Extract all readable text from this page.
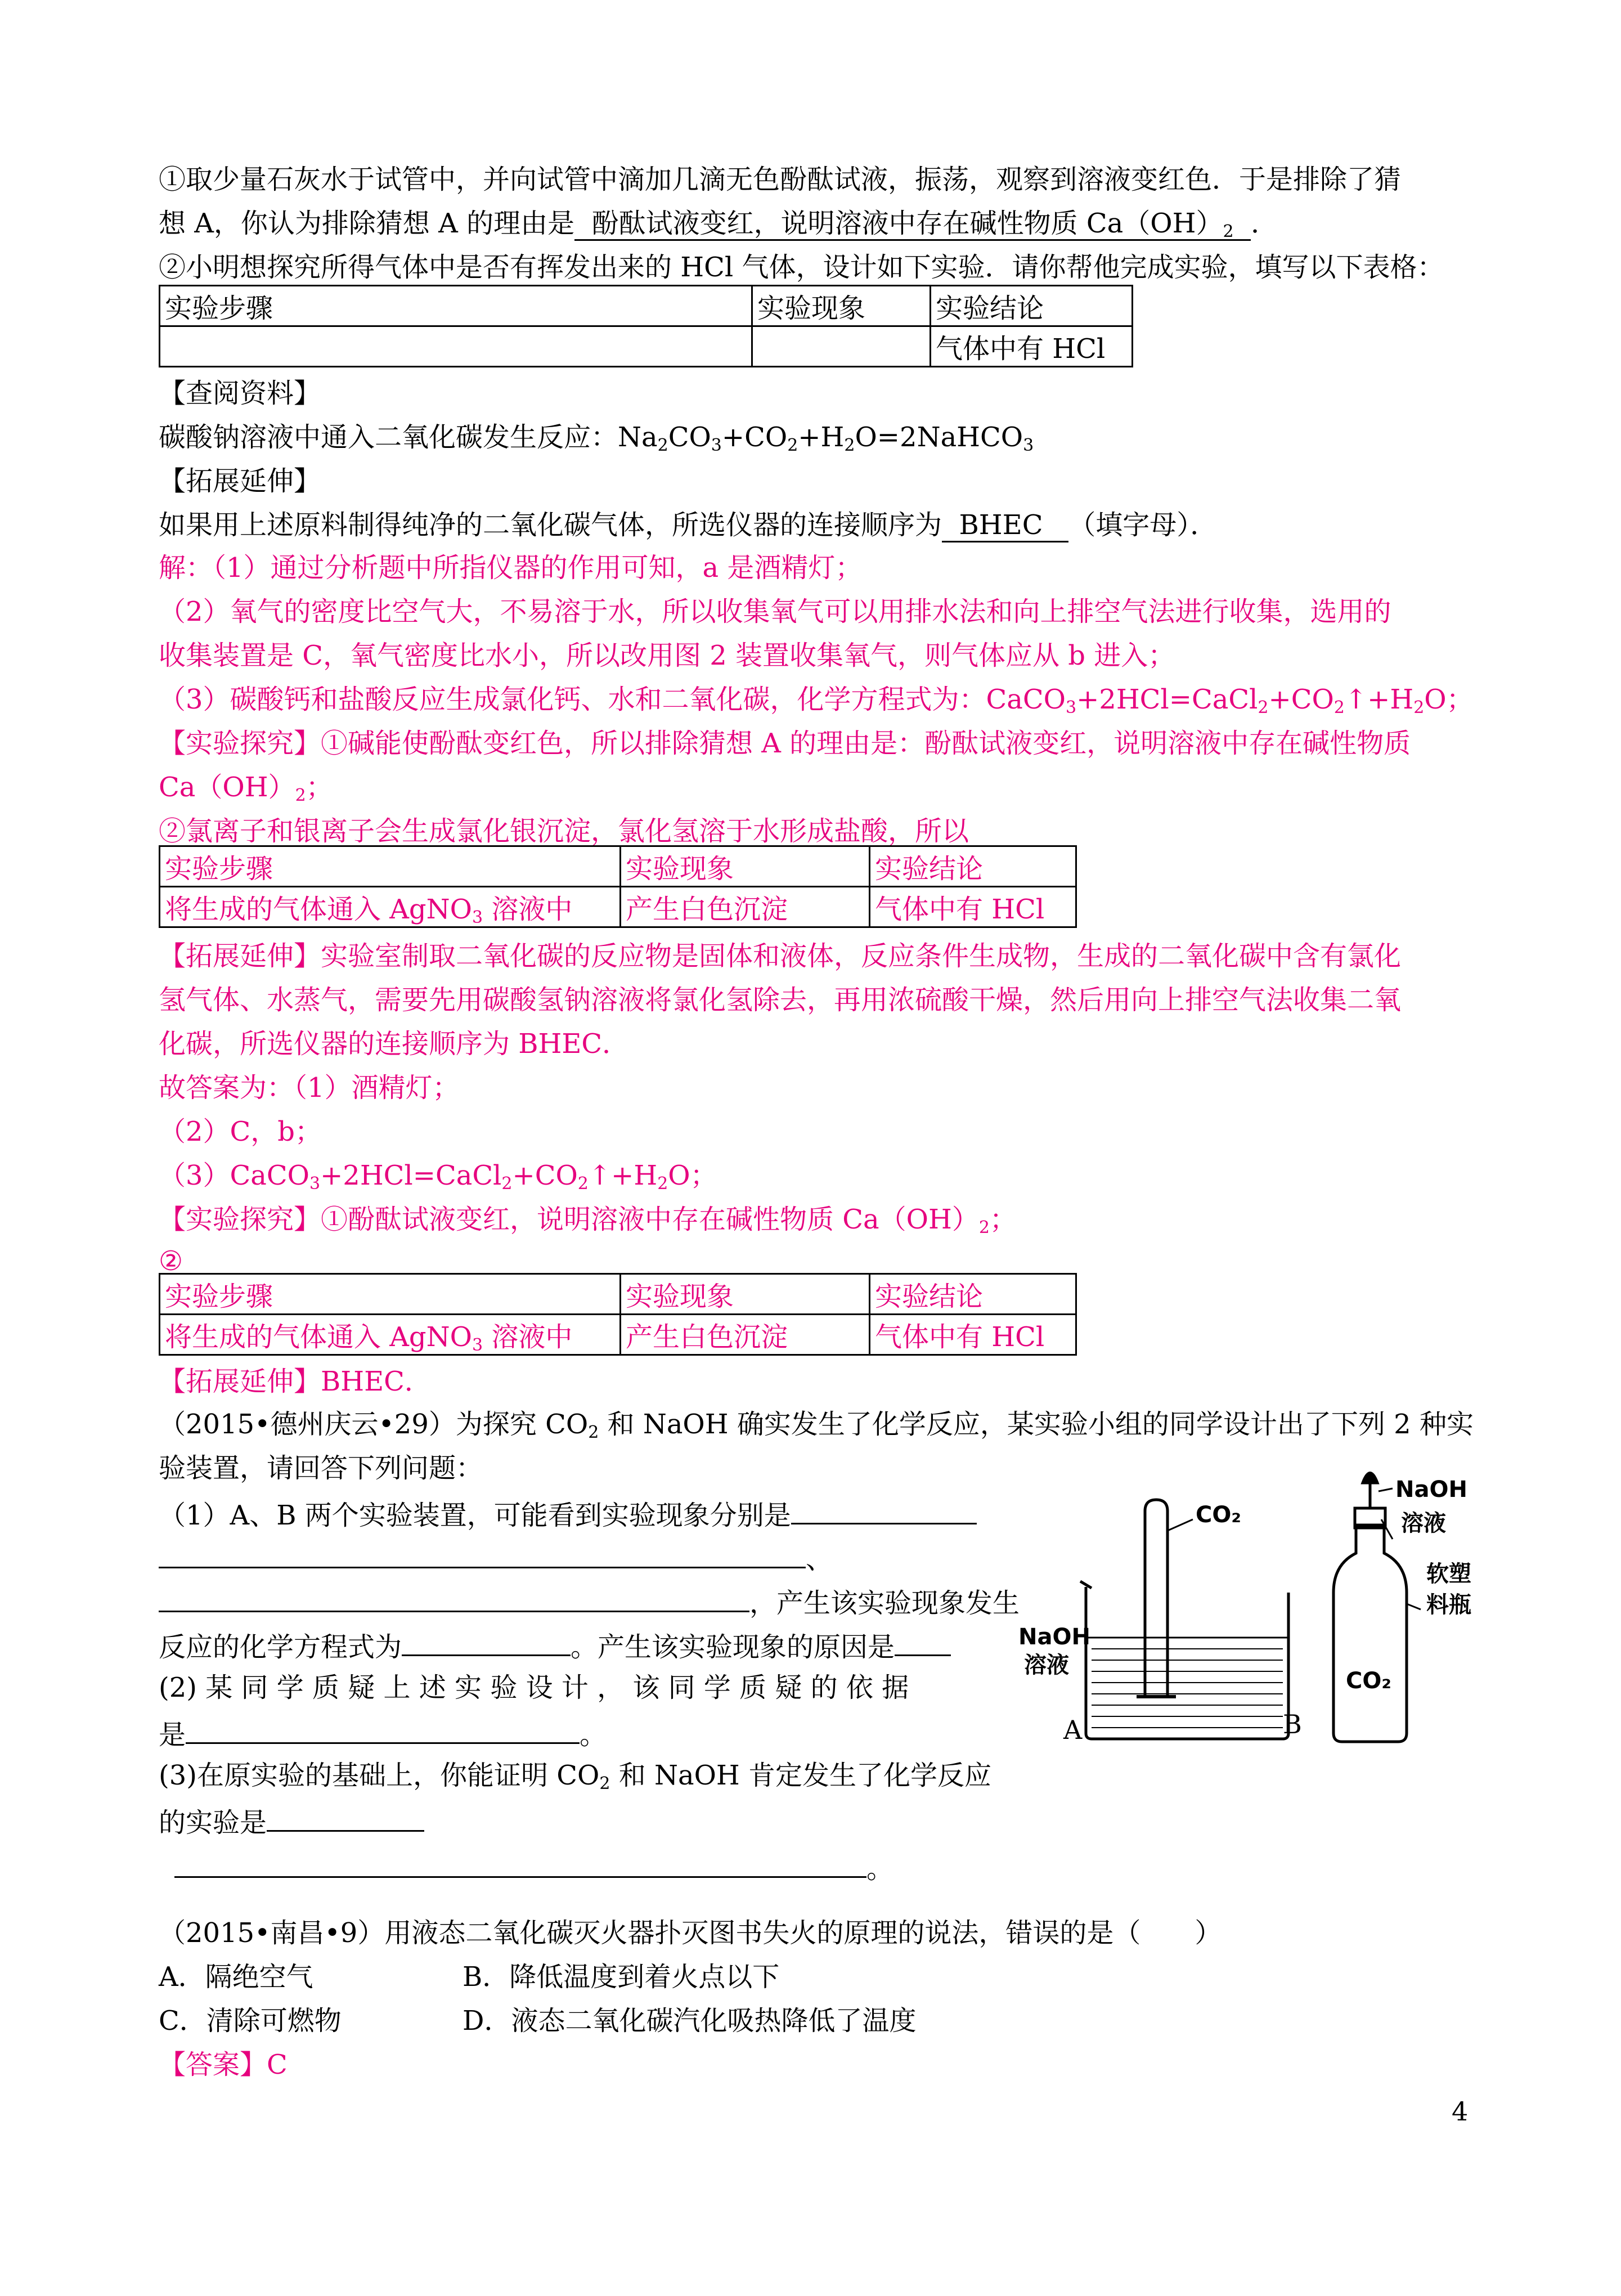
①取少量石灰水于试管中，并向试管中滴加几滴无色酚酞试液，振荡，观察到溶液变红色．于是排除了猜
想 A，你认为排除猜想 A 的理由是 酚酞试液变红，说明溶液中存在碱性物质 $Ca(OH)_2$ ．
②小明想探究所得气体中是否有挥发出来的 HCl 气体，设计如下实验．请你帮他完成实验，填写以下表格：
实验步骤	实验现象	实验结论
		气体中有 HCl
【查阅资料】
碳酸钠溶液中通入二氧化碳发生反应：$Na_2CO_3+CO_2+H_2O=2NaHCO_3$
【拓展延伸】
如果用上述原料制得纯净的二氧化碳气体，所选仪器的连接顺序为 BHEC （填字母）．
解：（1）通过分析题中所指仪器的作用可知，a 是酒精灯；
（2）氧气的密度比空气大，不易溶于水，所以收集氧气可以用排水法和向上排空气法进行收集，选用的
收集装置是 C，氧气密度比水小，所以改用图 2 装置收集氧气，则气体应从 b 进入；
（3）碳酸钙和盐酸反应生成氯化钙、水和二氧化碳，化学方程式为：$CaCO_3+2HCl=CaCl_2+CO_2↑+H_2O$；
【实验探究】①碱能使酚酞变红色，所以排除猜想 A 的理由是：酚酞试液变红，说明溶液中存在碱性物质
$Ca(OH)_2$；
②氯离子和银离子会生成氯化银沉淀，氯化氢溶于水形成盐酸，所以
实验步骤	实验现象	实验结论
将生成的气体通入 AgNO$_3$ 溶液中	产生白色沉淀	气体中有 HCl
【拓展延伸】实验室制取二氧化碳的反应物是固体和液体，反应条件生成物，生成的二氧化碳中含有氯化
氢气体、水蒸气，需要先用碳酸氢钠溶液将氯化氢除去，再用浓硫酸干燥，然后用向上排空气法收集二氧
化碳，所选仪器的连接顺序为 BHEC．
故答案为：（1）酒精灯；
（2）C，b；
$(3)CaCO_3+2HCl=CaCl_2+CO_2↑+H_2O$；
【实验探究】①酚酞试液变红，说明溶液中存在碱性物质 $Ca(OH)_2$；
②
实验步骤	实验现象	实验结论
将生成的气体通入 AgNO$_3$ 溶液中	产生白色沉淀	气体中有 HCl
【拓展延伸】BHEC．
（2015•德州庆云•29）为探究 $CO_2$ 和 NaOH 确实发生了化学反应，某实验小组的同学设计出了下列 2 种实
验装置，请回答下列问题：
（1）A、B 两个实验装置，可能看到实验现象分别是
、
，产生该实验现象发生
反应的化学方程式为	。产生该实验现象的原因是
(2) 某 同 学 质 疑 上 述 实 验 设 计 ， 该 同 学 质 疑 的 依 据
是	。
(3)在原实验的基础上，你能证明 $CO_2$ 和 NaOH 肯定发生了化学反应
的实验是
。
CO₂
NaOH
溶液
A
NaOH
溶液
软塑
料瓶
CO₂
B
（2015•南昌•9）用液态二氧化碳灭火器扑灭图书失火的原理的说法，错误的是（　　）
A．隔绝空气	B．降低温度到着火点以下
C．清除可燃物	D．液态二氧化碳汽化吸热降低了温度
【答案】C
4
